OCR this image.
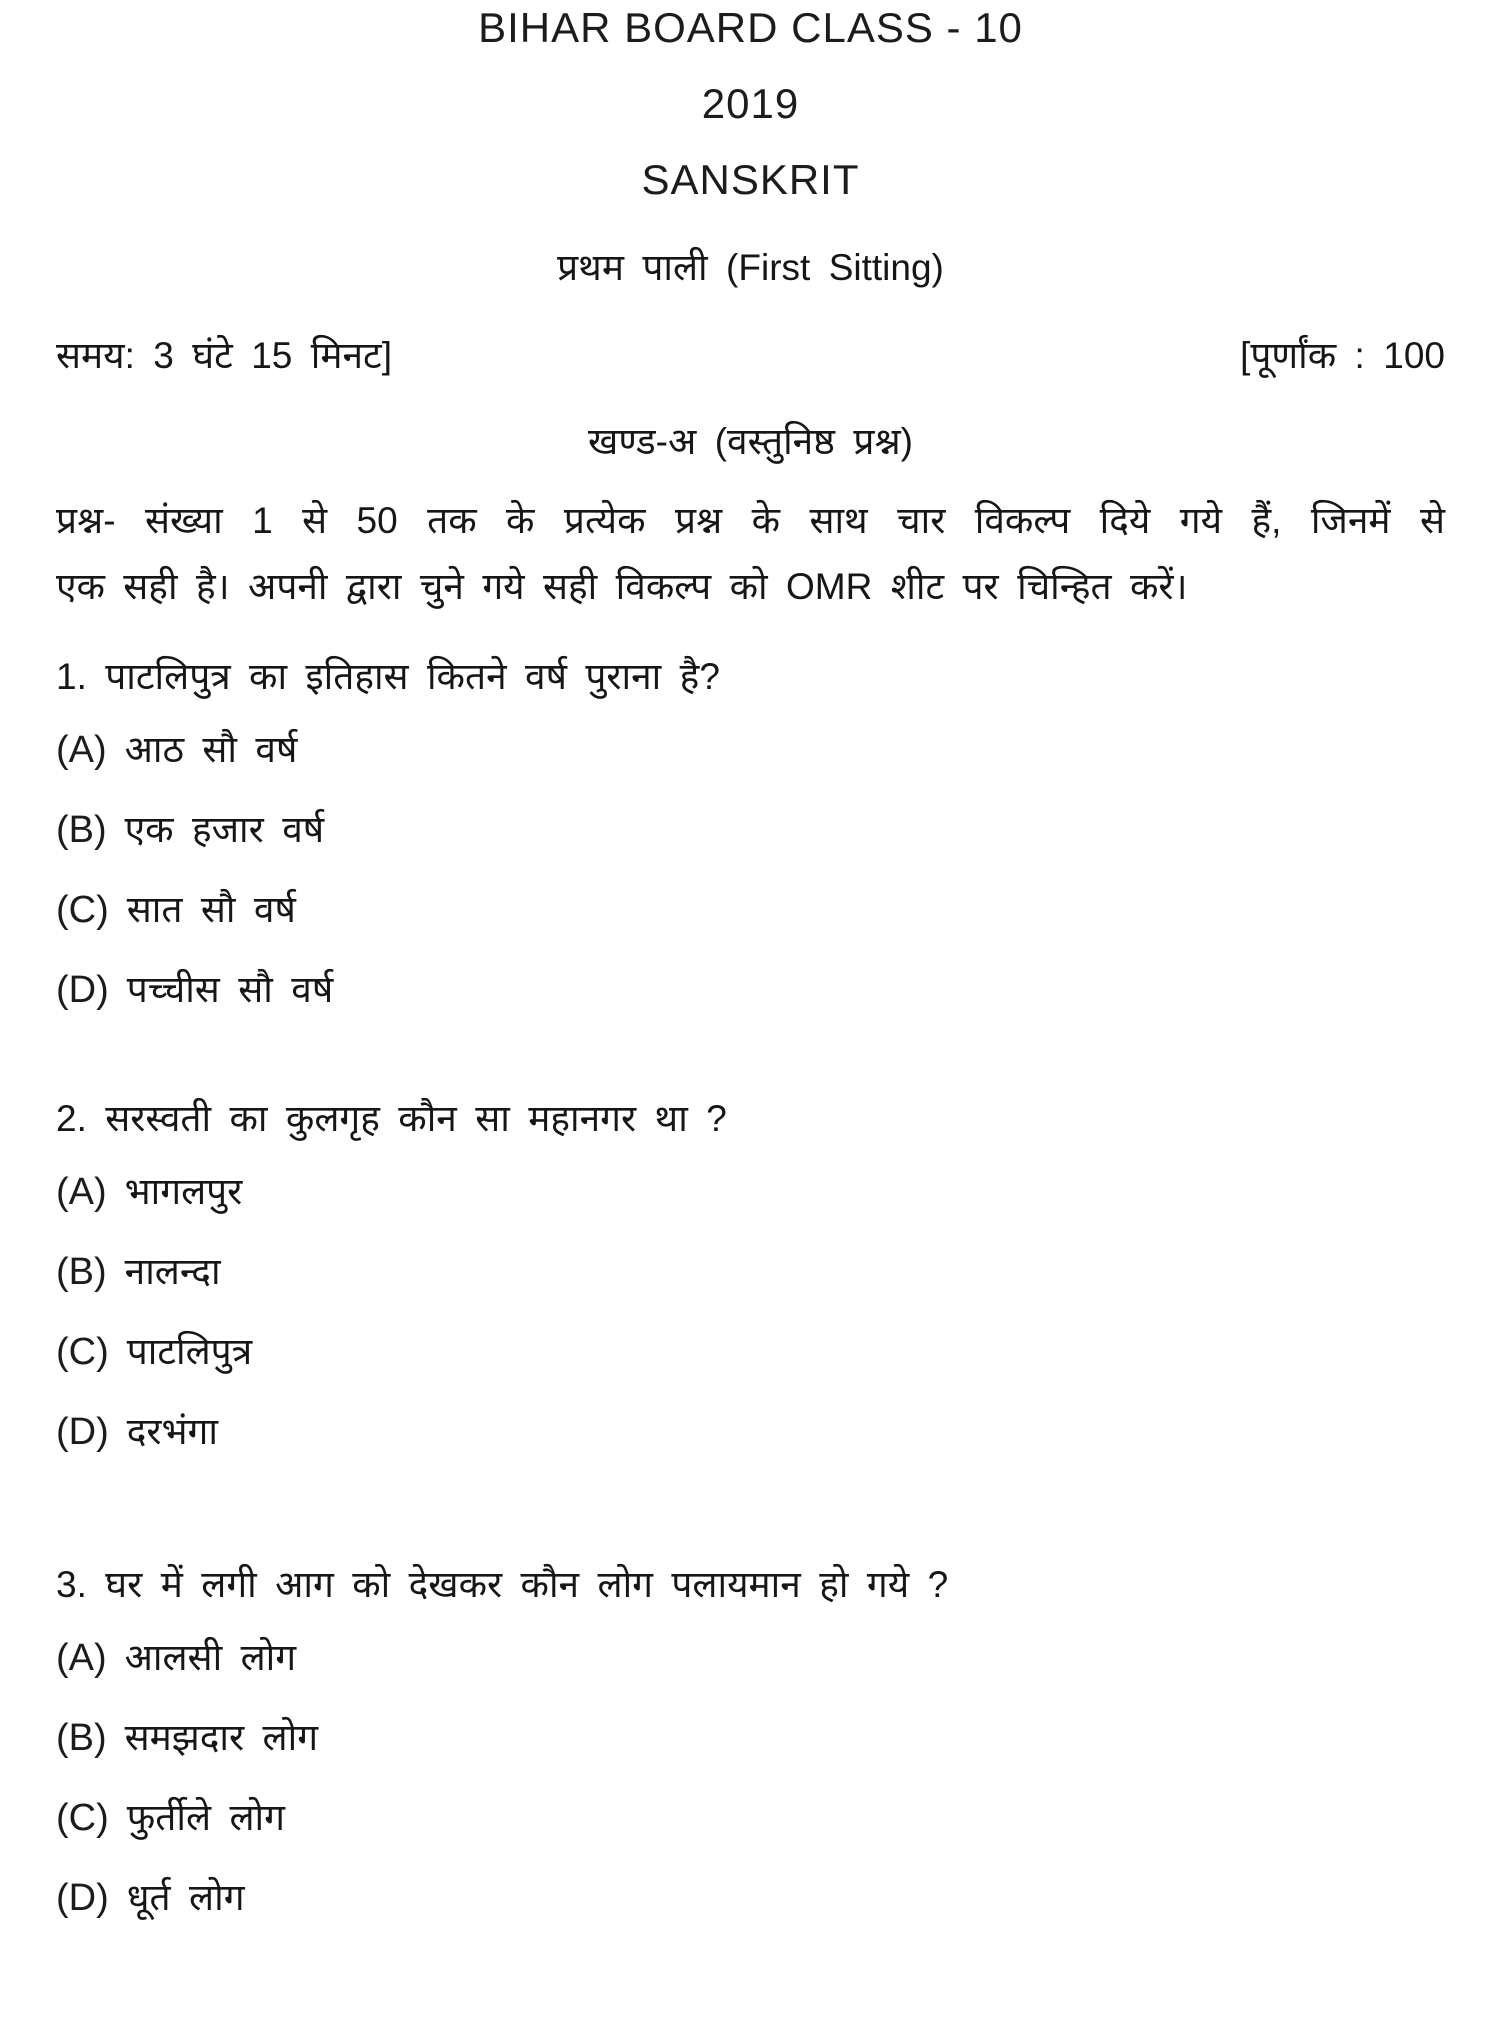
BIHAR BOARD CLASS - 10
2019
SANSKRIT
प्रथम पाली (First Sitting)
समय: 3 घंटे 15 मिनट]	[पूर्णांक : 100
खण्ड-अ (वस्तुनिष्ठ प्रश्न)
प्रश्न- संख्या 1 से 50 तक के प्रत्येक प्रश्न के साथ चार विकल्प दिये गये हैं, जिनमें से
एक सही है। अपनी द्वारा चुने गये सही विकल्प को OMR शीट पर चिन्हित करें।
1. पाटलिपुत्र का इतिहास कितने वर्ष पुराना है?
(A) आठ सौ वर्ष
(B) एक हजार वर्ष
(C) सात सौ वर्ष
(D) पच्चीस सौ वर्ष
2. सरस्वती का कुलगृह कौन सा महानगर था ?
(A) भागलपुर
(B) नालन्दा
(C) पाटलिपुत्र
(D) दरभंगा
3. घर में लगी आग को देखकर कौन लोग पलायमान हो गये ?
(A) आलसी लोग
(B) समझदार लोग
(C) फुर्तीले लोग
(D) धूर्त लोग
